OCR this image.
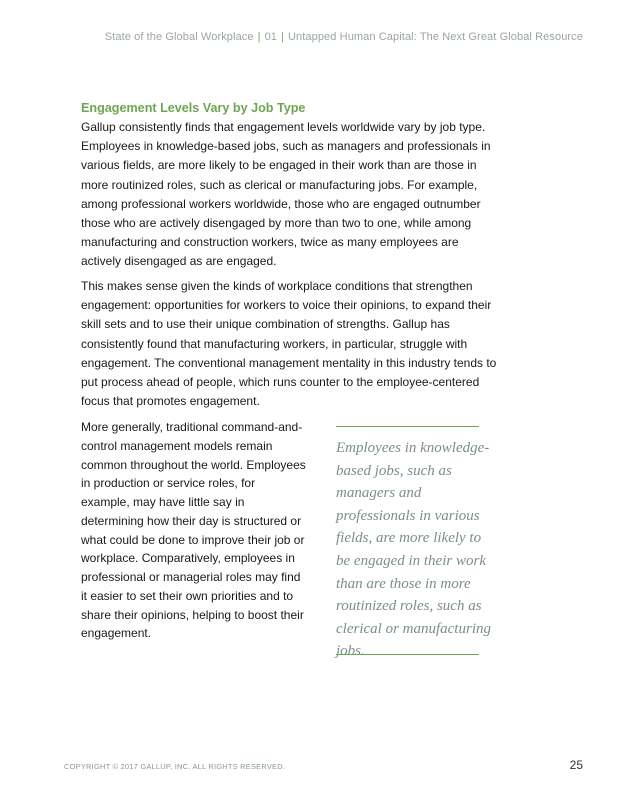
State of the Global Workplace | 01 | Untapped Human Capital: The Next Great Global Resource
Engagement Levels Vary by Job Type
Gallup consistently finds that engagement levels worldwide vary by job type. Employees in knowledge-based jobs, such as managers and professionals in various fields, are more likely to be engaged in their work than are those in more routinized roles, such as clerical or manufacturing jobs. For example, among professional workers worldwide, those who are engaged outnumber those who are actively disengaged by more than two to one, while among manufacturing and construction workers, twice as many employees are actively disengaged as are engaged.
This makes sense given the kinds of workplace conditions that strengthen engagement: opportunities for workers to voice their opinions, to expand their skill sets and to use their unique combination of strengths. Gallup has consistently found that manufacturing workers, in particular, struggle with engagement. The conventional management mentality in this industry tends to put process ahead of people, which runs counter to the employee-centered focus that promotes engagement.
More generally, traditional command-and-control management models remain common throughout the world. Employees in production or service roles, for example, may have little say in determining how their day is structured or what could be done to improve their job or workplace. Comparatively, employees in professional or managerial roles may find it easier to set their own priorities and to share their opinions, helping to boost their engagement.
Employees in knowledge-based jobs, such as managers and professionals in various fields, are more likely to be engaged in their work than are those in more routinized roles, such as clerical or manufacturing jobs.
COPYRIGHT © 2017 GALLUP, INC. ALL RIGHTS RESERVED.	25
